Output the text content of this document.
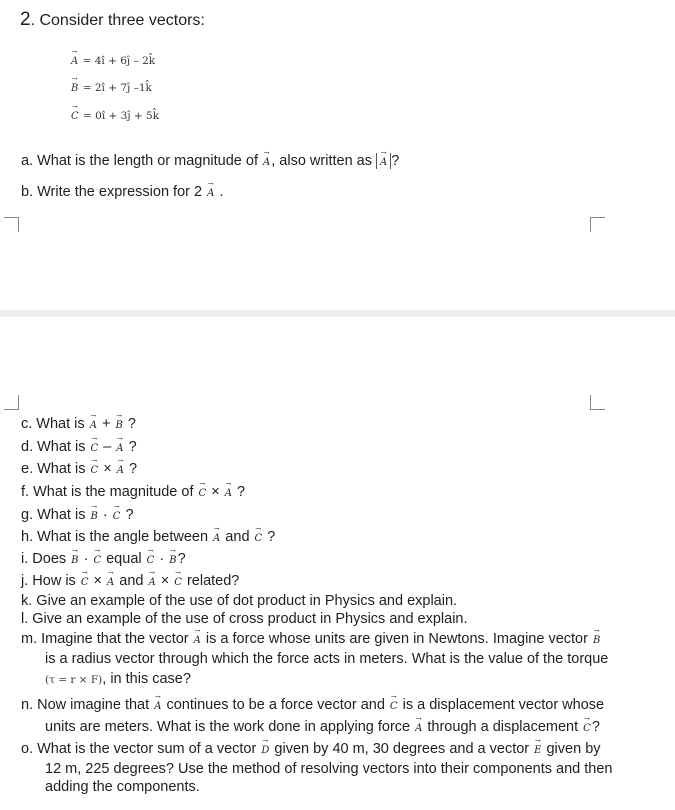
2. Consider three vectors:
→ A = 4î + 6ĵ – 2k̂
→ B = 2î + 7ĵ –1k̂
→ C = 0î + 3ĵ + 5k̂
a. What is the length or magnitude of → A, also written as → A ?
b. Write the expression for 2 → A .
c. What is → A + → B ?
d. What is → C – → A ?
e. What is → C × → A ?
f. What is the magnitude of → C × → A ?
g. What is → B · → C ?
h. What is the angle between → A and → C ?
i. Does → B · → C equal → C · → B?
j. How is → C × → A and → A × → C related?
k. Give an example of the use of dot product in Physics and explain.
l. Give an example of the use of cross product in Physics and explain.
m. Imagine that the vector → A is a force whose units are given in Newtons. Imagine vector → B
is a radius vector through which the force acts in meters. What is the value of the torque
(τ = r × F), in this case?
n. Now imagine that → A continues to be a force vector and → C is a displacement vector whose
units are meters. What is the work done in applying force → A through a displacement → C?
o. What is the vector sum of a vector → D given by 40 m, 30 degrees and a vector → E given by
12 m, 225 degrees? Use the method of resolving vectors into their components and then
adding the components.
